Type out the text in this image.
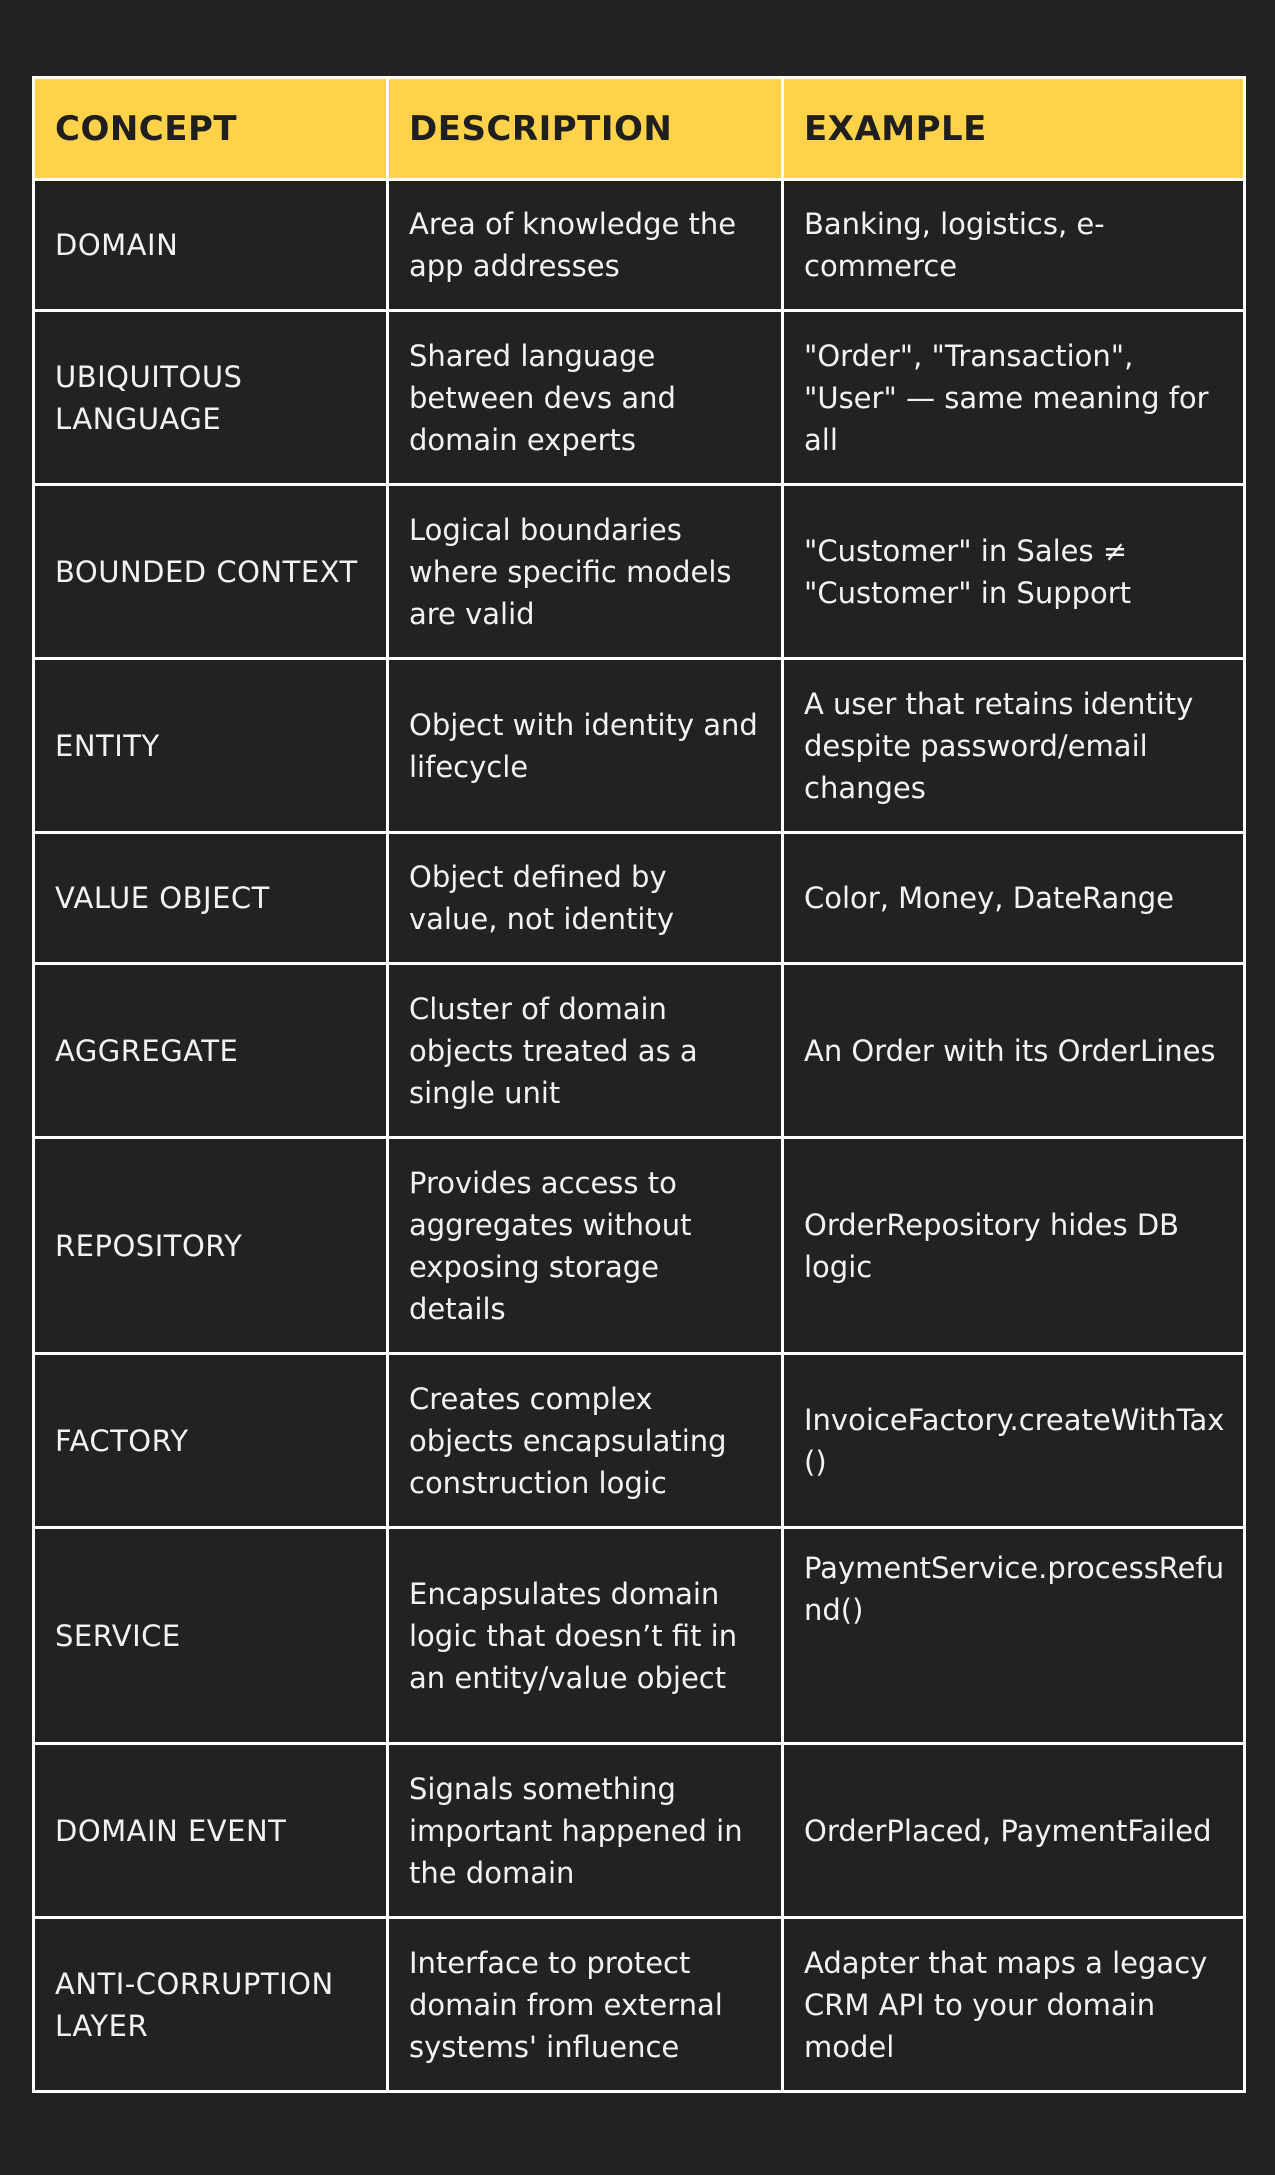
CONCEPT	DESCRIPTION	EXAMPLE
DOMAIN	Area of knowledge the app addresses	Banking, logistics, e-commerce
UBIQUITOUS LANGUAGE	Shared language between devs and domain experts	"Order", "Transaction", "User" — same meaning for all
BOUNDED CONTEXT	Logical boundaries where specific models are valid	"Customer" in Sales ≠ "Customer" in Support
ENTITY	Object with identity and lifecycle	A user that retains identity despite password/email changes
VALUE OBJECT	Object defined by value, not identity	Color, Money, DateRange
AGGREGATE	Cluster of domain objects treated as a single unit	An Order with its OrderLines
REPOSITORY	Provides access to aggregates without exposing storage details	OrderRepository hides DB logic
FACTORY	Creates complex objects encapsulating construction logic	InvoiceFactory.createWithTax()
SERVICE	Encapsulates domain logic that doesn’t fit in an entity/value object	PaymentService.processRefund()
DOMAIN EVENT	Signals something important happened in the domain	OrderPlaced, PaymentFailed
ANTI-CORRUPTION LAYER	Interface to protect domain from external systems' influence	Adapter that maps a legacy CRM API to your domain model
